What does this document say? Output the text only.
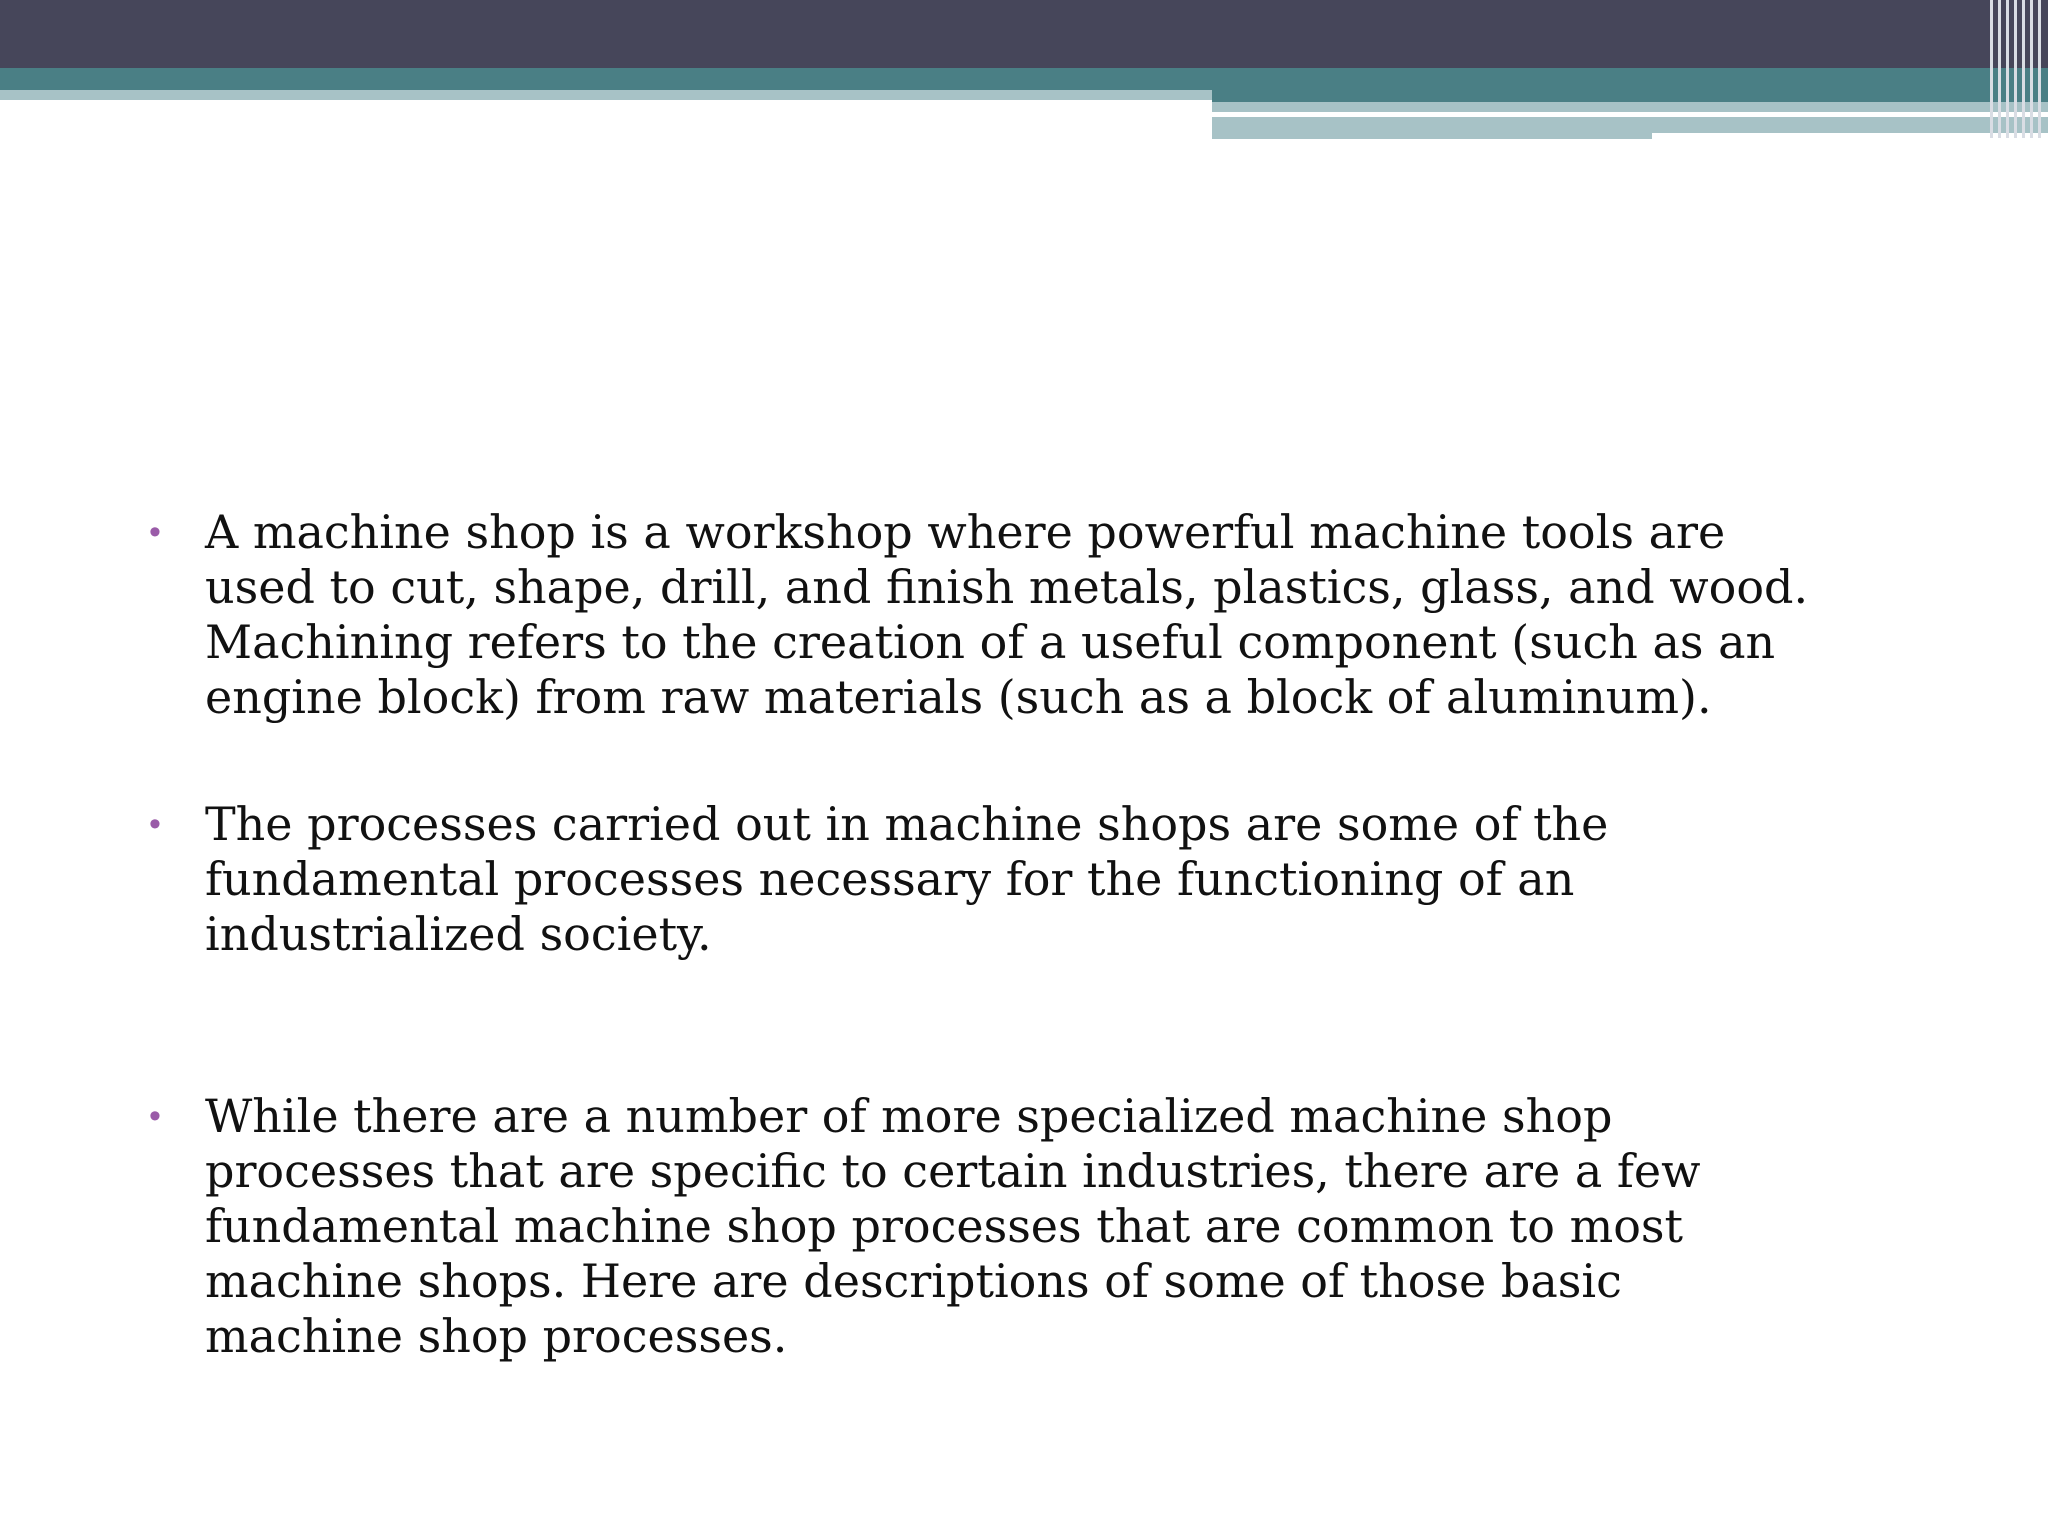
• A machine shop is a workshop where powerful machine tools are
used to cut, shape, drill, and finish metals, plastics, glass, and wood.
Machining refers to the creation of a useful component (such as an
engine block) from raw materials (such as a block of aluminum).
• The processes carried out in machine shops are some of the
fundamental processes necessary for the functioning of an
industrialized society.
• While there are a number of more specialized machine shop
processes that are specific to certain industries, there are a few
fundamental machine shop processes that are common to most
machine shops. Here are descriptions of some of those basic
machine shop processes.
